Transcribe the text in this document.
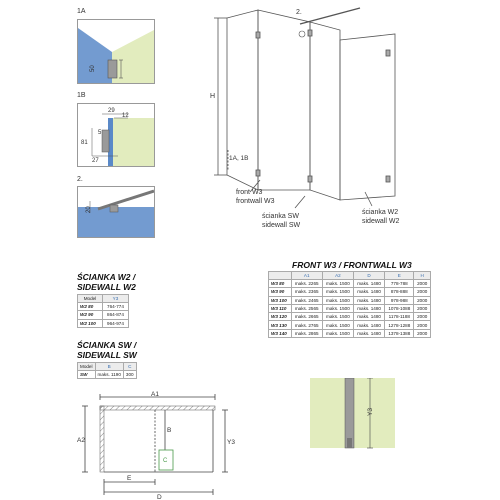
1A
50
1B
29
12
5
81
27
2.
20
H
2.
1A, 1B
front W3
frontwall W3
ścianka SW
sidewall SW
ścianka W2
sidewall W2
FRONT W3 / FRONTWALL W3
	A1	A2	D	E	H
W3 80	maks. 2265	maks. 1500	maks. 1480	778-788	2000
W3 90	maks. 2365	maks. 1500	maks. 1480	878-888	2000
W3 100	maks. 2465	maks. 1500	maks. 1480	978-988	2000
W3 110	maks. 2565	maks. 1500	maks. 1480	1078-1088	2000
W3 120	maks. 2665	maks. 1500	maks. 1480	1178-1188	2000
W3 130	maks. 2765	maks. 1500	maks. 1480	1278-1288	2000
W3 140	maks. 2865	maks. 1500	maks. 1480	1378-1388	2000
ŚCIANKA W2 /
SIDEWALL W2
Model	Y3
W2 80	764-774
W2 90	864-874
W2 100	964-974
ŚCIANKA SW /
SIDEWALL SW
Model	B	C
SW	maks. 1190	300
A1
A2	Y3
B
C
E
D
Y3
